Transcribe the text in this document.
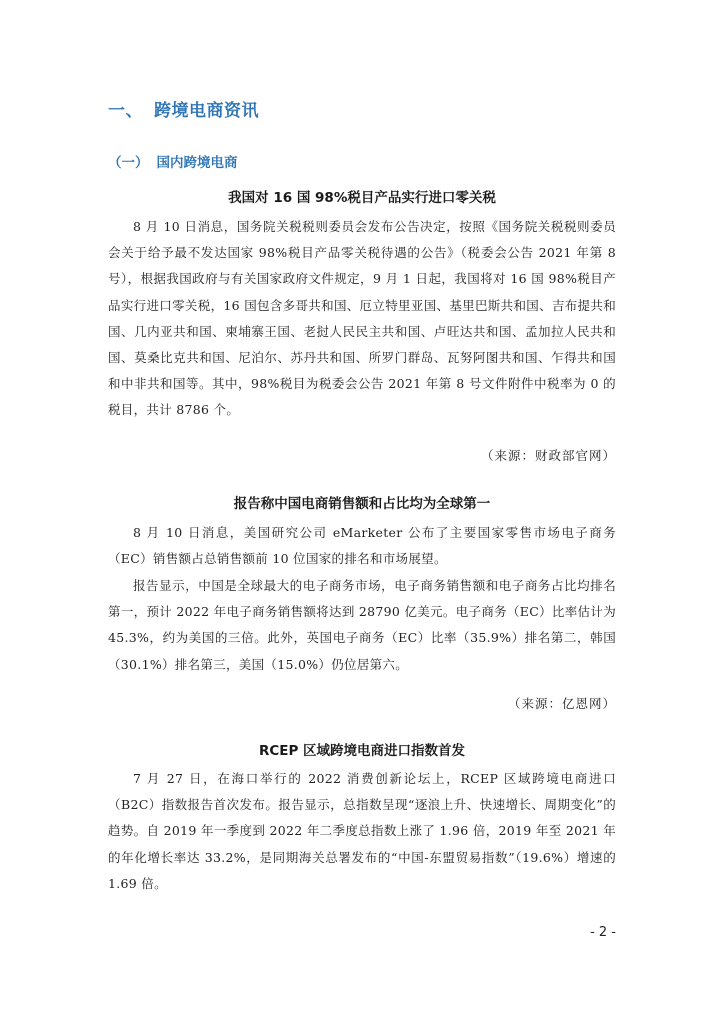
一、 跨境电商资讯
（一） 国内跨境电商
我国对 16 国 98%税目产品实行进口零关税

8 月 10 日消息，国务院关税税则委员会发布公告决定，按照《国务院关税税则委员会关于给予最不发达国家 98%税目产品零关税待遇的公告》（税委会公告 2021 年第 8 号），根据我国政府与有关国家政府文件规定，9 月 1 日起，我国将对 16 国 98%税目产品实行进口零关税，16 国包含多哥共和国、厄立特里亚国、基里巴斯共和国、吉布提共和国、几内亚共和国、柬埔寨王国、老挝人民民主共和国、卢旺达共和国、孟加拉人民共和国、莫桑比克共和国、尼泊尔、苏丹共和国、所罗门群岛、瓦努阿图共和国、乍得共和国和中非共和国等。其中，98%税目为税委会公告 2021 年第 8 号文件附件中税率为 0 的税目，共计 8786 个。

（来源：财政部官网）
报告称中国电商销售额和占比均为全球第一

8 月 10 日消息，美国研究公司 eMarketer 公布了主要国家零售市场电子商务（EC）销售额占总销售额前 10 位国家的排名和市场展望。

报告显示，中国是全球最大的电子商务市场，电子商务销售额和电子商务占比均排名第一，预计 2022 年电子商务销售额将达到 28790 亿美元。电子商务（EC）比率估计为 45.3%，约为美国的三倍。此外，英国电子商务（EC）比率（35.9%）排名第二，韩国（30.1%）排名第三，美国（15.0%）仍位居第六。

（来源：亿恩网）
RCEP 区域跨境电商进口指数首发

7 月 27 日，在海口举行的 2022 消费创新论坛上，RCEP 区域跨境电商进口（B2C）指数报告首次发布。报告显示，总指数呈现“逐浪上升、快速增长、周期变化”的趋势。自 2019 年一季度到 2022 年二季度总指数上涨了 1.96 倍，2019 年至 2021 年的年化增长率达 33.2%，是同期海关总署发布的“中国-东盟贸易指数”（19.6%）增速的 1.69 倍。

- 2 -
